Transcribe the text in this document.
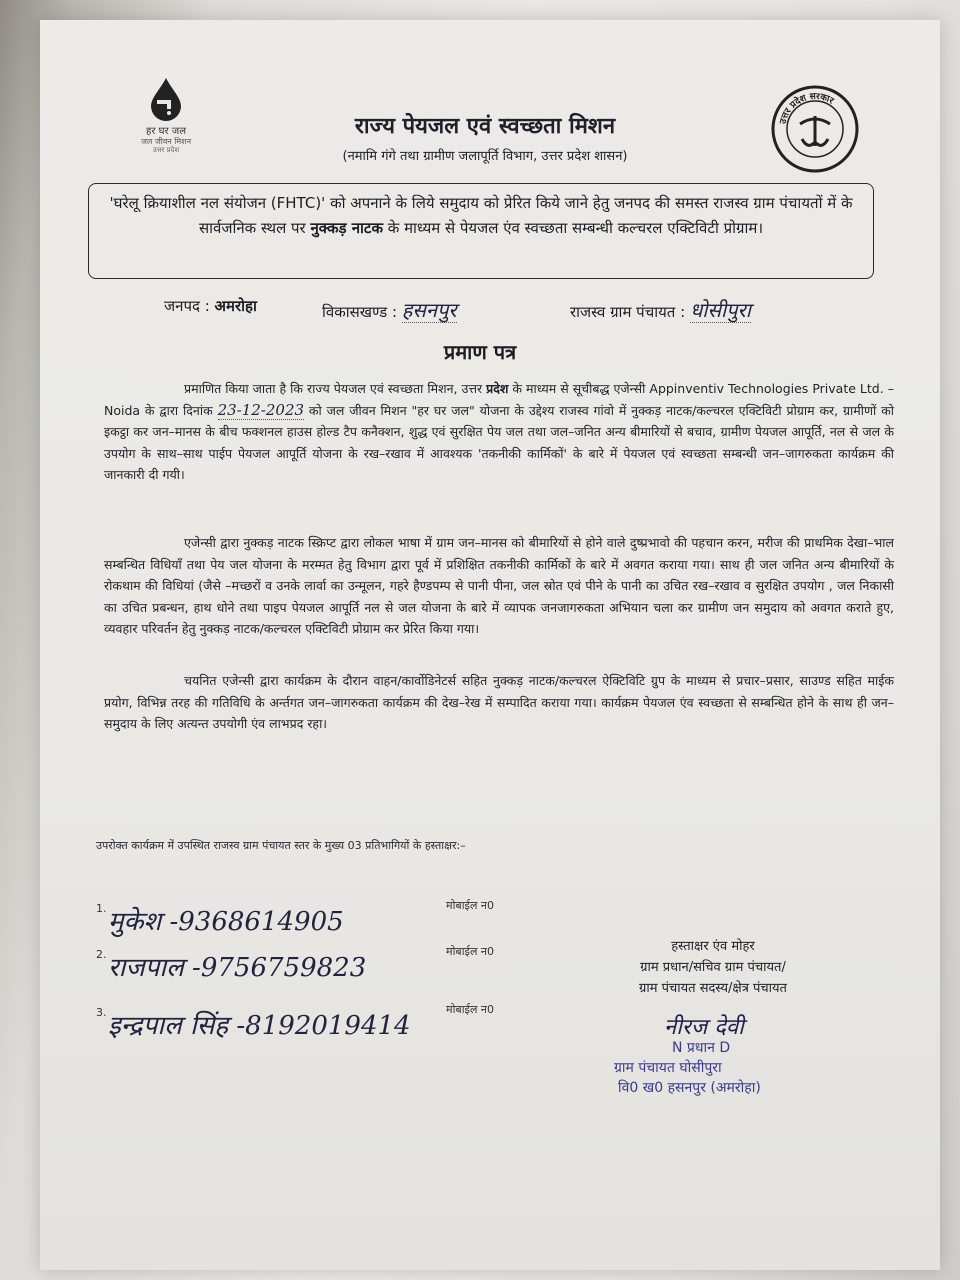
हर घर जल
जल जीवन मिशन
उत्तर प्रदेश
उत्तर प्रदेश सरकार
राज्य पेयजल एवं स्वच्छता मिशन
(नमामि गंगे तथा ग्रामीण जलापूर्ति विभाग, उत्तर प्रदेश शासन)
'घरेलू क्रियाशील नल संयोजन (FHTC)' को अपनाने के लिये समुदाय को प्रेरित किये जाने हेतु जनपद की समस्त राजस्व ग्राम पंचायतों में के सार्वजनिक स्थल पर नुक्कड़ नाटक के माध्यम से पेयजल एंव स्वच्छता सम्बन्धी कल्चरल एक्टिविटी प्रोग्राम।
जनपद : अमरोहा	विकासखण्ड : हसनपुर	राजस्व ग्राम पंचायत : धोसीपुरा
प्रमाण पत्र
प्रमाणित किया जाता है कि राज्य पेयजल एवं स्वच्छता मिशन, उत्तर प्रदेश के माध्यम से सूचीबद्ध एजेन्सी Appinventiv Technologies Private Ltd. – Noida के द्वारा दिनांक 23-12-2023 को जल जीवन मिशन "हर घर जल" योजना के उद्देश्य राजस्व गांवो में नुक्कड़ नाटक/कल्चरल एक्टिविटी प्रोग्राम कर, ग्रामीणों को इकट्ठा कर जन–मानस के बीच फक्शनल हाउस होल्ड टैप कनैक्शन, शुद्ध एवं सुरक्षित पेय जल तथा जल–जनित अन्य बीमारियों से बचाव, ग्रामीण पेयजल आपूर्ति, नल से जल के उपयोग के साथ–साथ पाईप पेयजल आपूर्ति योजना के रख–रखाव में आवश्यक 'तकनीकी कार्मिकों' के बारे में पेयजल एवं स्वच्छता सम्बन्धी जन–जागरुकता कार्यक्रम की जानकारी दी गयी।
एजेन्सी द्वारा नुक्कड़ नाटक स्क्रिप्ट द्वारा लोकल भाषा में ग्राम जन–मानस को बीमारियों से होने वाले दुष्प्रभावो की पहचान करन, मरीज की प्राथमिक देखा–भाल सम्बन्धित विधियाँ तथा पेय जल योजना के मरम्मत हेतु विभाग द्वारा पूर्व में प्रशिक्षित तकनीकी कार्मिकों के बारे में अवगत कराया गया। साथ ही जल जनित अन्य बीमारियों के रोकथाम की विधियां (जैसे –मच्छरों व उनके लार्वा का उन्मूलन, गहरे हैण्डपम्प से पानी पीना, जल स्रोत एवं पीने के पानी का उचित रख–रखाव व सुरक्षित उपयोग , जल निकासी का उचित प्रबन्धन, हाथ धोने तथा पाइप पेयजल आपूर्ति नल से जल योजना के बारे में व्यापक जनजागरुकता अभियान चला कर ग्रामीण जन समुदाय को अवगत कराते हुए, व्यवहार परिवर्तन हेतु नुक्कड़ नाटक/कल्चरल एक्टिविटी प्रोग्राम कर प्रेरित किया गया।
चयनित एजेन्सी द्वारा कार्यक्रम के दौरान वाहन/कार्वोडिनेटर्स सहित नुक्कड़ नाटक/कल्चरल ऐक्टिविटि ग्रुप के माध्यम से प्रचार–प्रसार, साउण्ड सहित माईक प्रयोग, विभिन्न तरह की गतिविधि के अर्न्तगत जन–जागरुकता कार्यक्रम की देख–रेख में सम्पादित कराया गया। कार्यक्रम पेयजल एंव स्वच्छता से सम्बन्धित होने के साथ ही जन–समुदाय के लिए अत्यन्त उपयोगी एंव लाभप्रद रहा।
उपरोक्त कार्यक्रम में उपस्थित राजस्व ग्राम पंचायत स्तर के मुख्य 03 प्रतिभागियों के हस्ताक्षर:–
1. मुकेश -9368614905
मोबाईल न0
2. राजपाल -9756759823
मोबाईल न0
3. इन्द्रपाल सिंह -8192019414
मोबाईल न0
हस्ताक्षर एंव मोहर
ग्राम प्रधान/सचिव ग्राम पंचायत/
ग्राम पंचायत सदस्य/क्षेत्र पंचायत
नीरज देवी
N प्रधान D
ग्राम पंचायत घोसीपुरा
वि0 ख0 हसनपुर (अमरोहा)
